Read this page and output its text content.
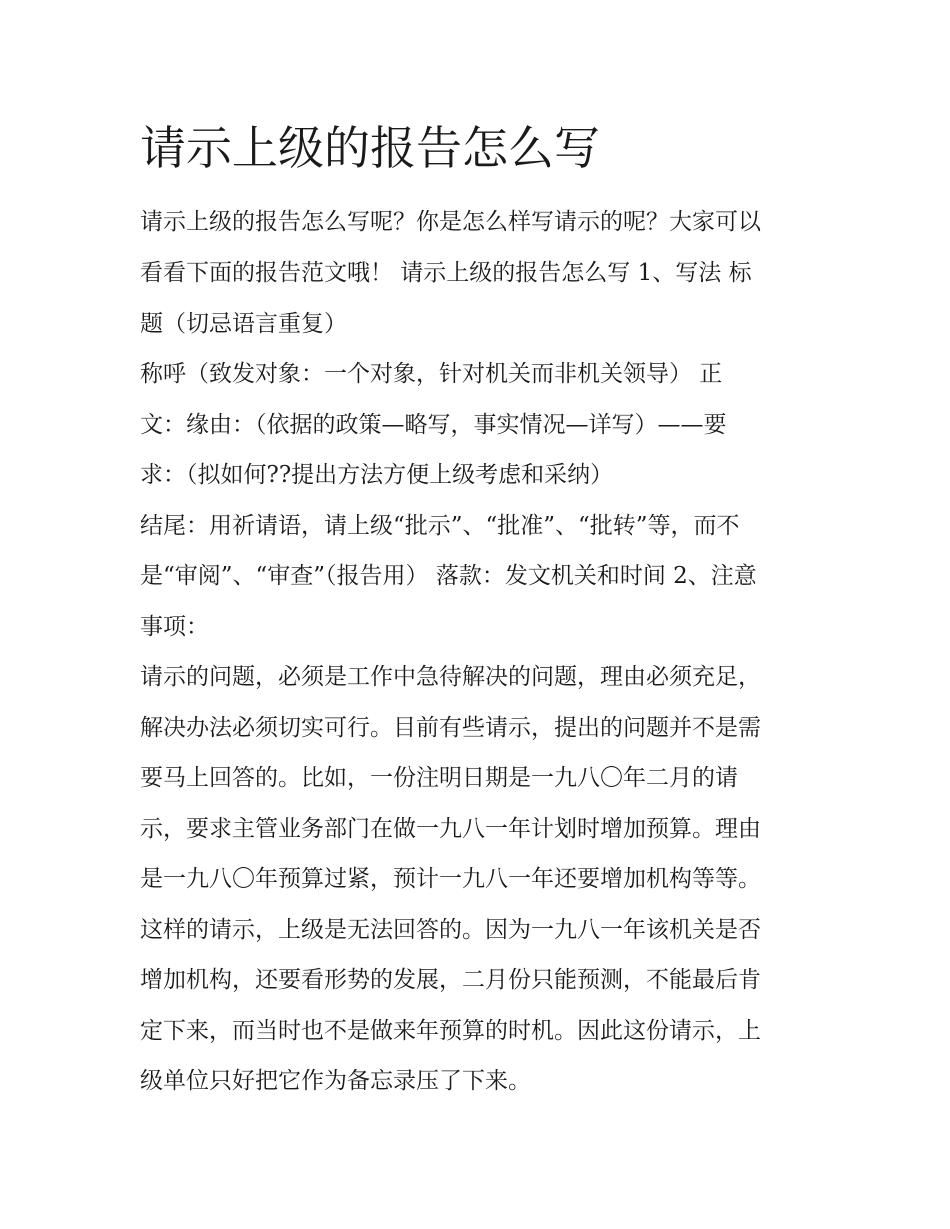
请示上级的报告怎么写
请示上级的报告怎么写呢？你是怎么样写请示的呢？大家可以
看看下面的报告范文哦！ 请示上级的报告怎么写 1、写法 标
题（切忌语言重复）
称呼（致发对象：一个对象，针对机关而非机关领导） 正
文：缘由：（依据的政策—略写，事实情况—详写）——要
求：（拟如何??提出方法方便上级考虑和采纳）
结尾：用祈请语，请上级“批示”、“批准”、“批转”等，而不
是“审阅”、“审查”（报告用） 落款：发文机关和时间 2、注意
事项：
请示的问题，必须是工作中急待解决的问题，理由必须充足，
解决办法必须切实可行。目前有些请示，提出的问题并不是需
要马上回答的。比如，一份注明日期是一九八〇年二月的请
示，要求主管业务部门在做一九八一年计划时增加预算。理由
是一九八〇年预算过紧，预计一九八一年还要增加机构等等。
这样的请示，上级是无法回答的。因为一九八一年该机关是否
增加机构，还要看形势的发展，二月份只能预测，不能最后肯
定下来，而当时也不是做来年预算的时机。因此这份请示，上
级单位只好把它作为备忘录压了下来。
